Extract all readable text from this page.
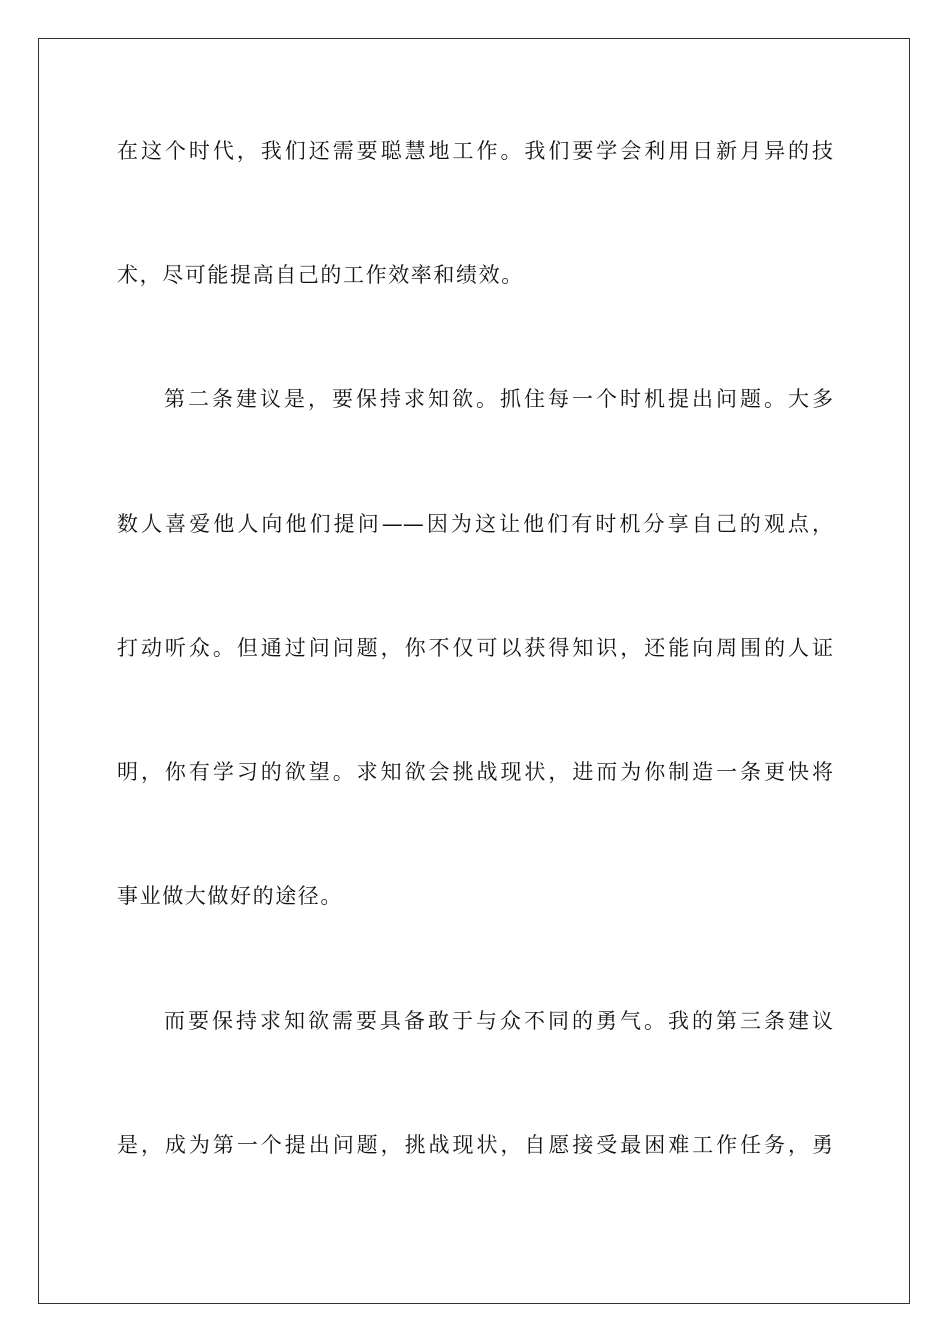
在这个时代，我们还需要聪慧地工作。我们要学会利用日新月异的技
术，尽可能提高自己的工作效率和绩效。
第二条建议是，要保持求知欲。抓住每一个时机提出问题。大多
数人喜爱他人向他们提问——因为这让他们有时机分享自己的观点，
打动听众。但通过问问题，你不仅可以获得知识，还能向周围的人证
明，你有学习的欲望。求知欲会挑战现状，进而为你制造一条更快将
事业做大做好的途径。
而要保持求知欲需要具备敢于与众不同的勇气。我的第三条建议
是，成为第一个提出问题，挑战现状，自愿接受最困难工作任务，勇
